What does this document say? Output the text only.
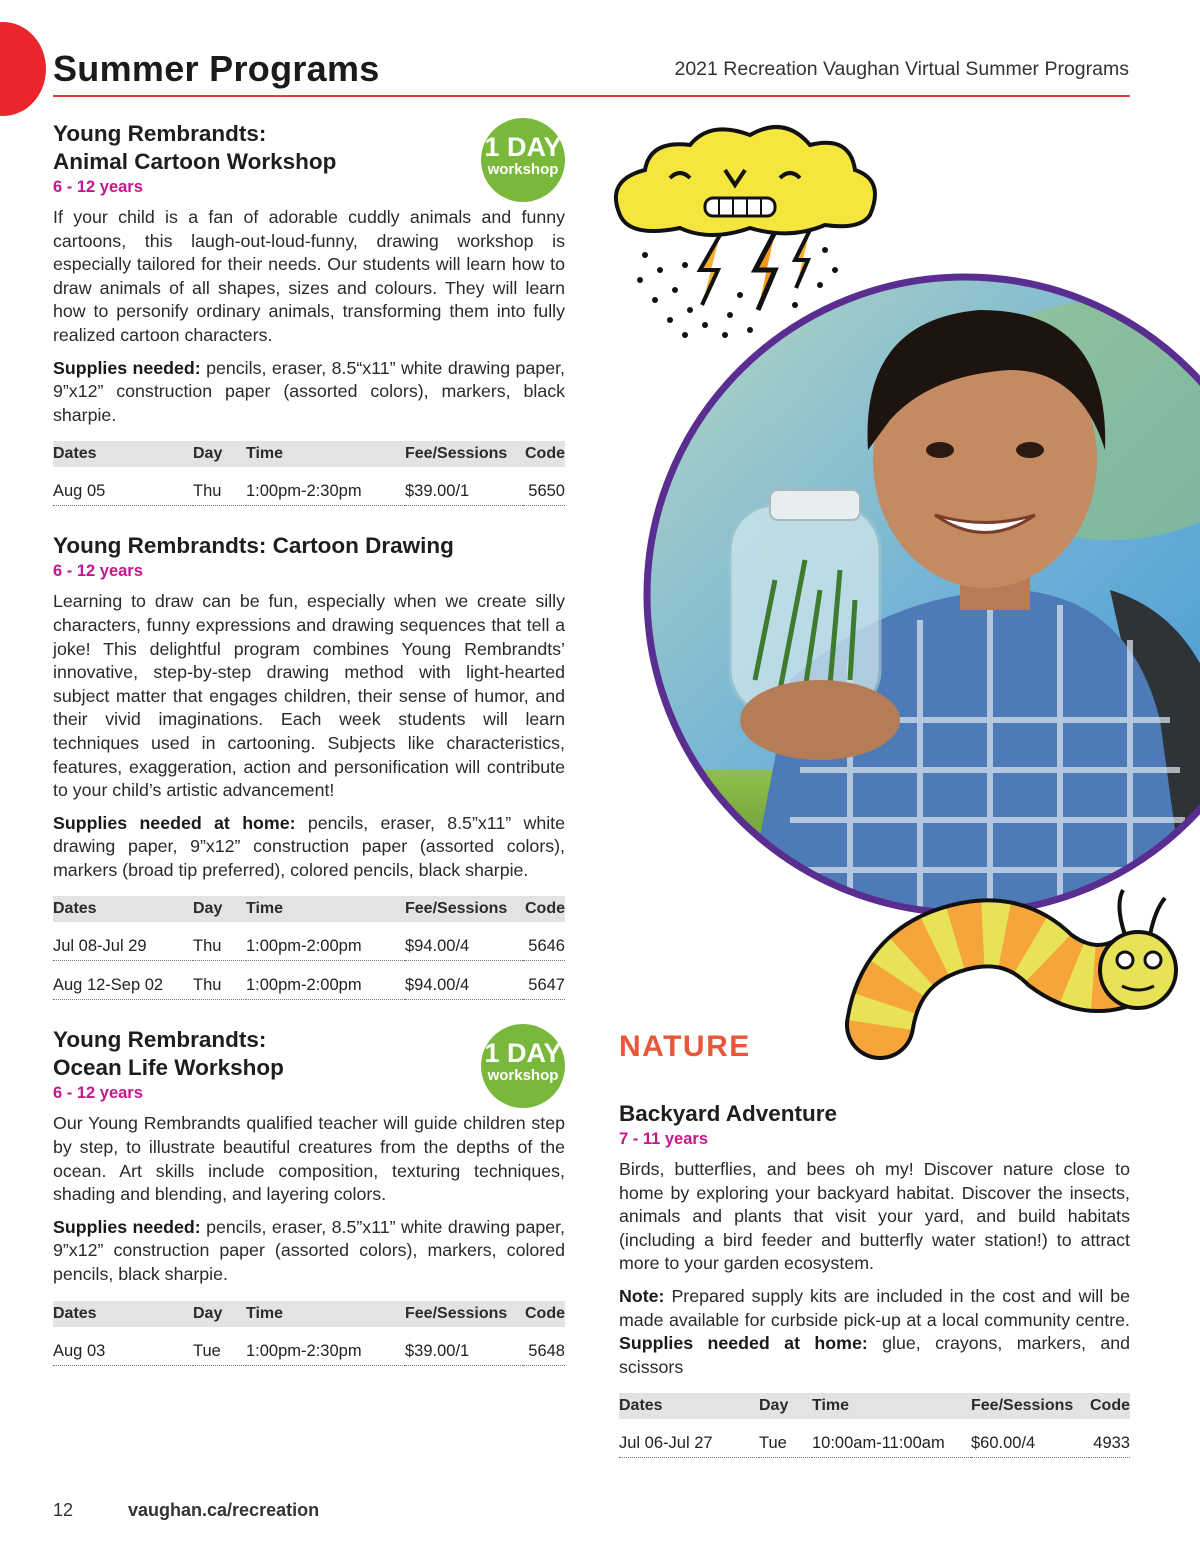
Summer Programs	2021 Recreation Vaughan Virtual Summer Programs
1 DAY
workshop
Young Rembrandts:
Animal Cartoon Workshop
6 - 12 years

If your child is a fan of adorable cuddly animals and funny cartoons, this laugh-out-loud-funny, drawing workshop is especially tailored for their needs. Our students will learn how to draw animals of all shapes, sizes and colours. They will learn how to personify ordinary animals, transforming them into fully realized cartoon characters.

Supplies needed: pencils, eraser, 8.5“x11” white drawing paper, 9”x12” construction paper (assorted colors), markers, black sharpie.

Dates	Day	Time	Fee/Sessions	Code
Aug 05	Thu	1:00pm-2:30pm	$39.00/1	5650
Young Rembrandts: Cartoon Drawing
6 - 12 years

Learning to draw can be fun, especially when we create silly characters, funny expressions and drawing sequences that tell a joke! This delightful program combines Young Rembrandts’ innovative, step-by-step drawing method with light-hearted subject matter that engages children, their sense of humor, and their vivid imaginations. Each week students will learn techniques used in cartooning. Subjects like characteristics, features, exaggeration, action and personification will contribute to your child’s artistic advancement!

Supplies needed at home: pencils, eraser, 8.5”x11” white drawing paper, 9”x12” construction paper (assorted colors), markers (broad tip preferred), colored pencils, black sharpie.

Dates	Day	Time	Fee/Sessions	Code
Jul 08-Jul 29	Thu	1:00pm-2:00pm	$94.00/4	5646
Aug 12-Sep 02	Thu	1:00pm-2:00pm	$94.00/4	5647
1 DAY
workshop
Young Rembrandts:
Ocean Life Workshop
6 - 12 years

Our Young Rembrandts qualified teacher will guide children step by step, to illustrate beautiful creatures from the depths of the ocean. Art skills include composition, texturing techniques, shading and blending, and layering colors.

Supplies needed: pencils, eraser, 8.5”x11” white drawing paper, 9”x12” construction paper (assorted colors), markers, colored pencils, black sharpie.

Dates	Day	Time	Fee/Sessions	Code
Aug 03	Tue	1:00pm-2:30pm	$39.00/1	5648
NATURE
Backyard Adventure
7 - 11 years

Birds, butterflies, and bees oh my! Discover nature close to home by exploring your backyard habitat. Discover the insects, animals and plants that visit your yard, and build habitats (including a bird feeder and butterfly water station!) to attract more to your garden ecosystem.

Note: Prepared supply kits are included in the cost and will be made available for curbside pick-up at a local community centre. Supplies needed at home: glue, crayons, markers, and scissors

Dates	Day	Time	Fee/Sessions	Code
Jul 06-Jul 27	Tue	10:00am-11:00am	$60.00/4	4933
12	vaughan.ca/recreation
